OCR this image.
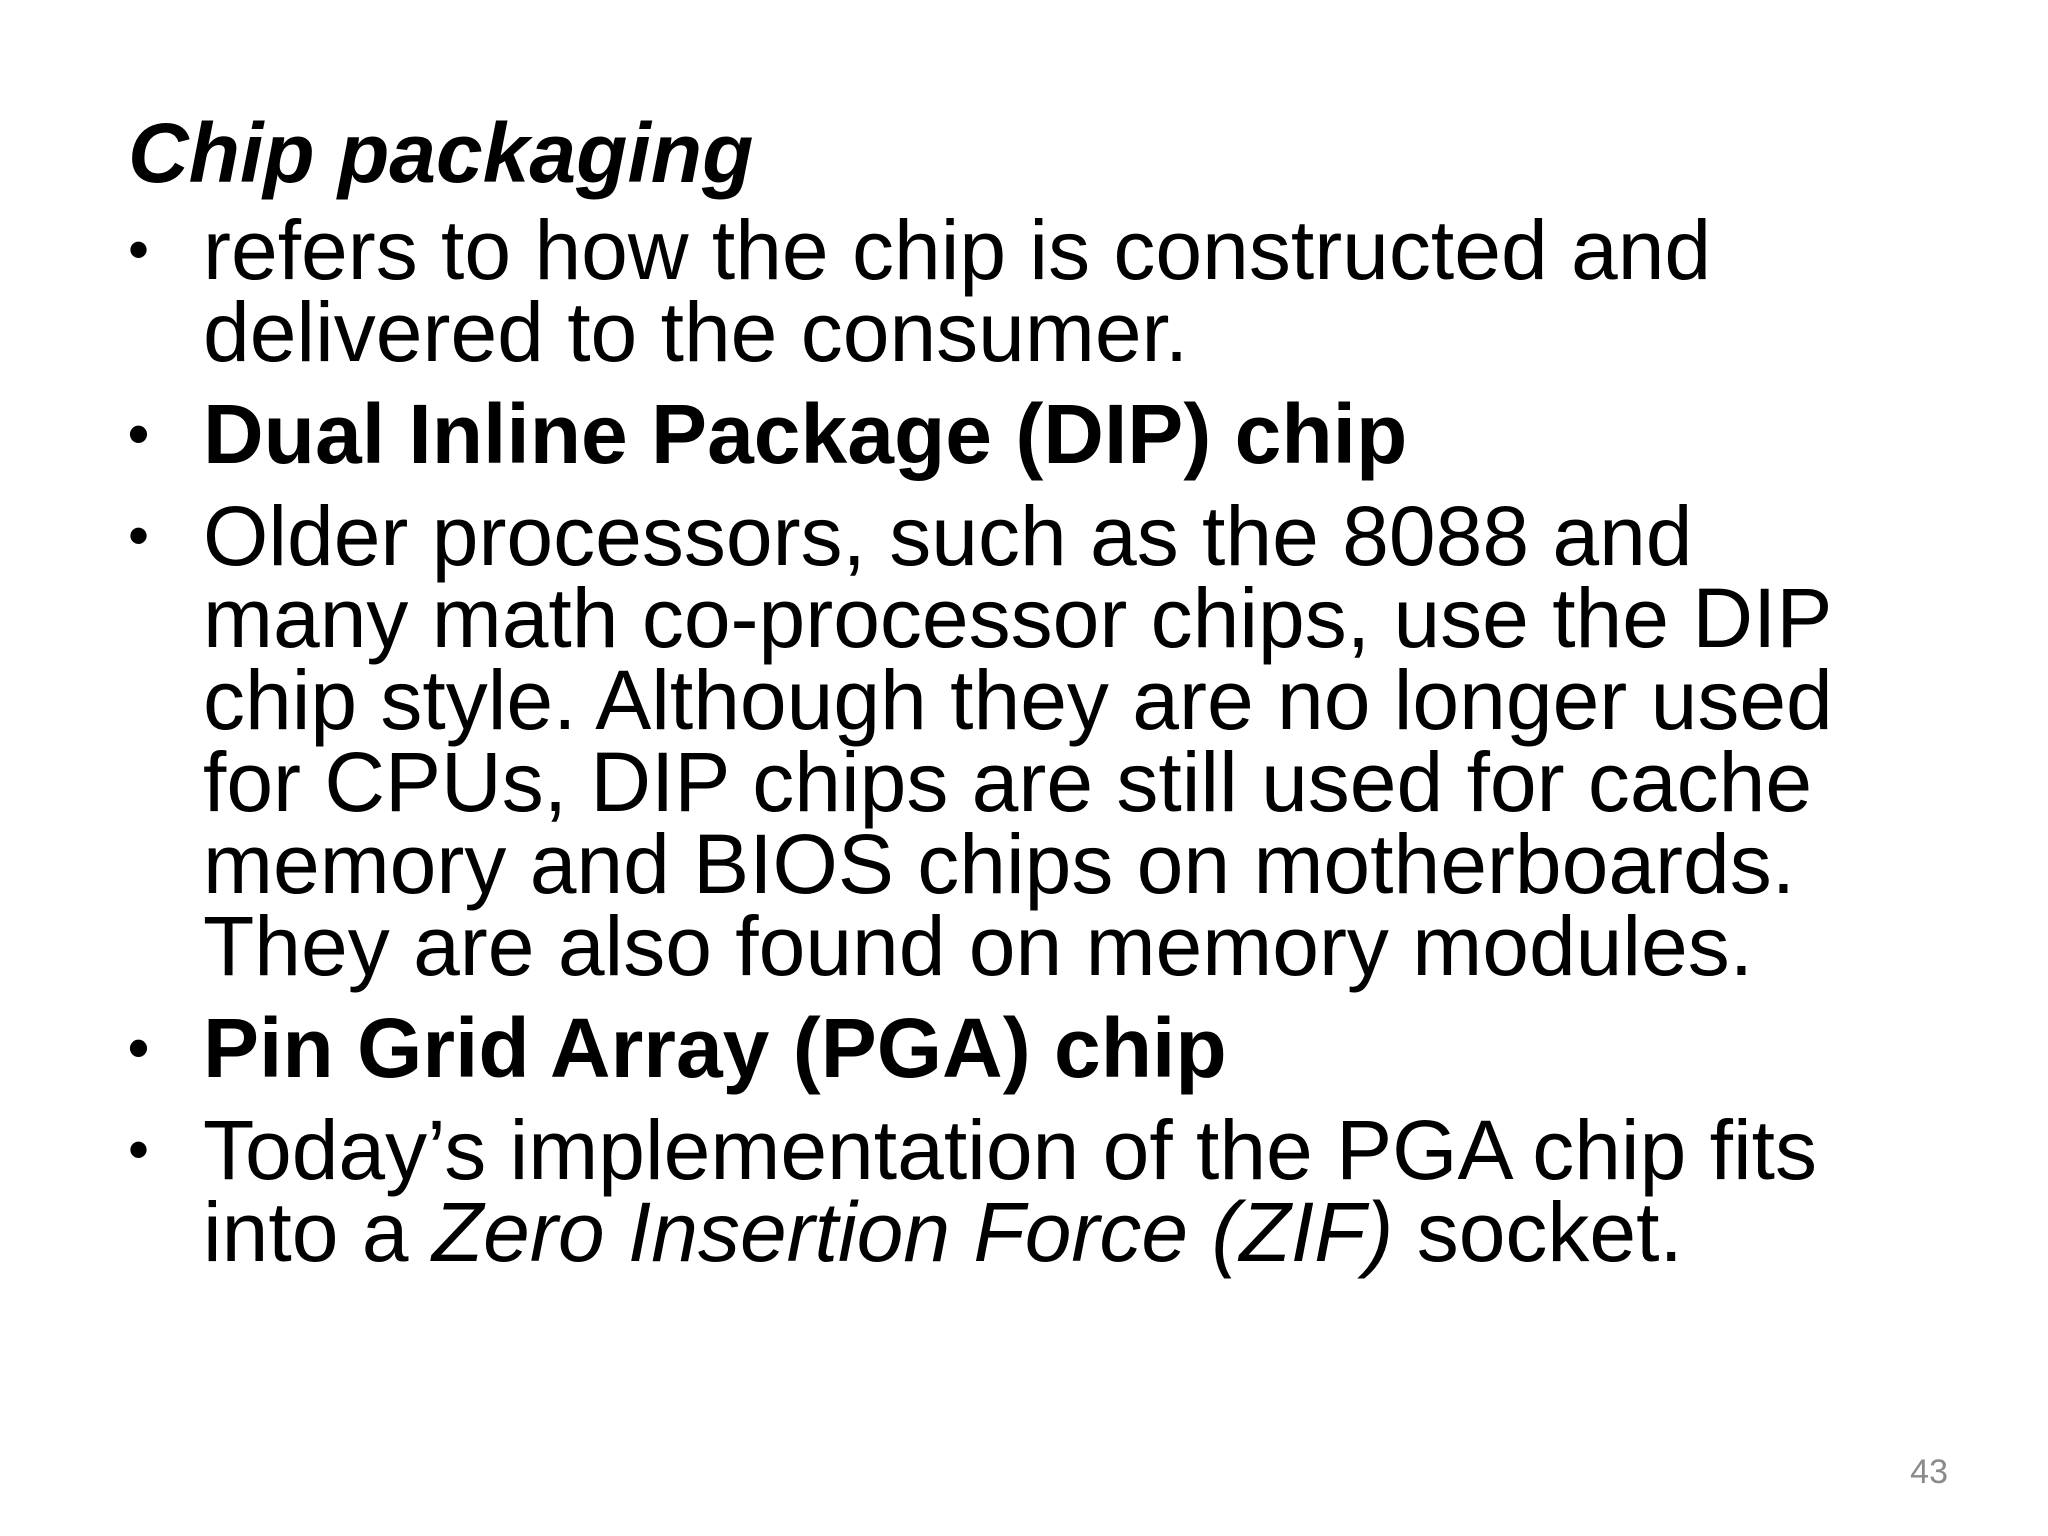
Chip packaging
• refers to how the chip is constructed and
delivered to the consumer.
• Dual Inline Package (DIP) chip
• Older processors, such as the 8088 and
many math co-processor chips, use the DIP
chip style. Although they are no longer used
for CPUs, DIP chips are still used for cache
memory and BIOS chips on motherboards.
They are also found on memory modules.
• Pin Grid Array (PGA) chip
• Today’s implementation of the PGA chip fits
into a Zero Insertion Force (ZIF) socket.
43
